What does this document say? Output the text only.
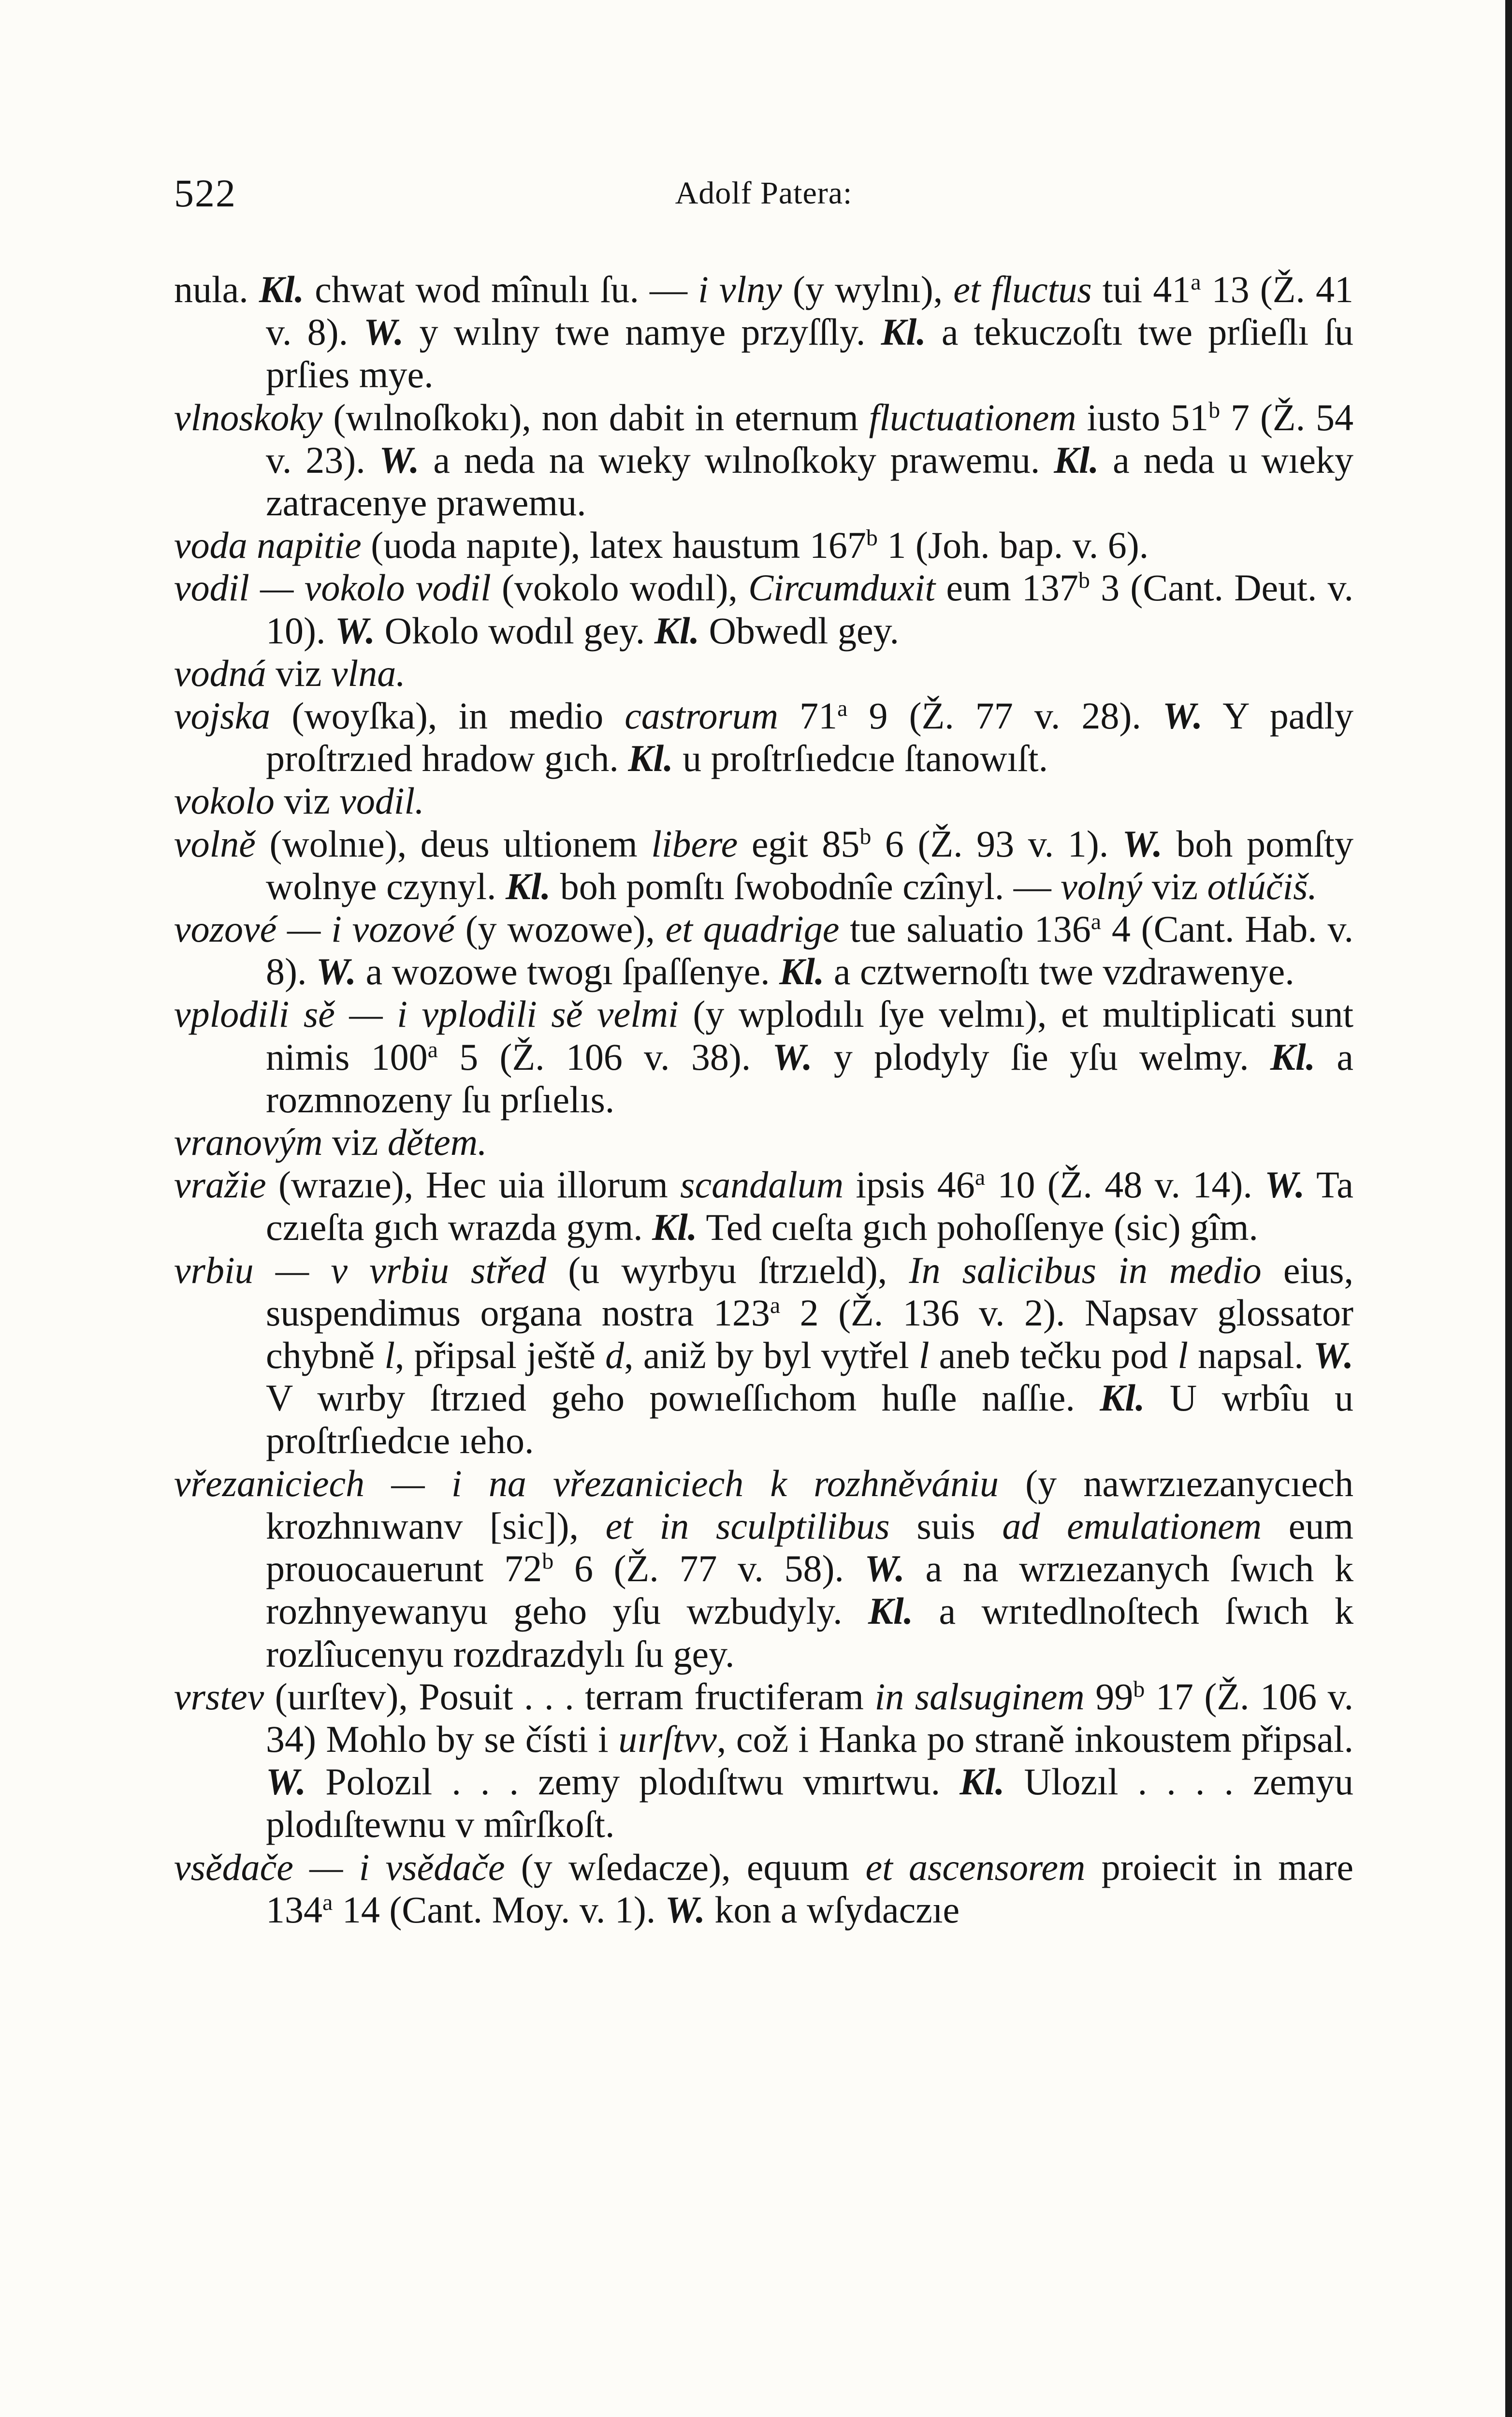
522	Adolf Patera:

nula. Kl. chwat wod mînulı ſu. — i vlny (y wylnı), et fluctus tui 41$^a$ 13 (Ž. 41 v. 8). W. y wılny twe namye przyſſly. Kl. a tekuczoſtı twe prſieſlı ſu prſies mye.

vlnoskoky (wılnoſkokı), non dabit in eternum fluctuationem iusto 51$^b$ 7 (Ž. 54 v. 23). W. a neda na wıeky wılnoſkoky prawemu. Kl. a neda u wıeky zatracenye prawemu.

voda napitie (uoda napıte), latex haustum 167$^b$ 1 (Joh. bap. v. 6).

vodil — vokolo vodil (vokolo wodıl), Circumduxit eum 137$^b$ 3 (Cant. Deut. v. 10). W. Okolo wodıl gey. Kl. Obwedl gey.

vodná viz vlna.

vojska (woyſka), in medio castrorum 71$^a$ 9 (Ž. 77 v. 28). W. Y padly proſtrzıed hradow gıch. Kl. u proſtrſıedcıe ſtanowıſt.

vokolo viz vodil.

volně (wolnıe), deus ultionem libere egit 85$^b$ 6 (Ž. 93 v. 1). W. boh pomſty wolnye czynyl. Kl. boh pomſtı ſwobodnîe czînyl. — volný viz otlúčiš.

vozové — i vozové (y wozowe), et quadrige tue saluatio 136$^a$ 4 (Cant. Hab. v. 8). W. a wozowe twogı ſpaſſenye. Kl. a cztwernoſtı twe vzdrawenye.

vplodili sě — i vplodili sě velmi (y wplodılı ſye velmı), et multiplicati sunt nimis 100$^a$ 5 (Ž. 106 v. 38). W. y plodyly ſie yſu welmy. Kl. a rozmnozeny ſu prſıelıs.

vranovým viz dětem.

vražie (wrazıe), Hec uia illorum scandalum ipsis 46$^a$ 10 (Ž. 48 v. 14). W. Ta czıeſta gıch wrazda gym. Kl. Ted cıeſta gıch pohoſſenye (sic) gîm.

vrbiu — v vrbiu střed (u wyrbyu ſtrzıeld), In salicibus in medio eius, suspendimus organa nostra 123$^a$ 2 (Ž. 136 v. 2). Napsav glossator chybně l, připsal ještě d, aniž by byl vytřel l aneb tečku pod l napsal. W. V wırby ſtrzıed geho powıeſſıchom huſle naſſıe. Kl. U wrbîu u proſtrſıedcıe ıeho.

vřezaniciech — i na vřezaniciech k rozhněvániu (y nawrzıezanycıech krozhnıwanv [sic]), et in sculptilibus suis ad emulationem eum prouocauerunt 72$^b$ 6 (Ž. 77 v. 58). W. a na wrzıezanych ſwıch k rozhnyewanyu geho yſu wzbudyly. Kl. a wrıtedlnoſtech ſwıch k rozlîucenyu rozdrazdylı ſu gey.

vrstev (uırſtev), Posuit . . . terram fructiferam in salsuginem 99$^b$ 17 (Ž. 106 v. 34) Mohlo by se čísti i uırſtvv, což i Hanka po straně inkoustem připsal. W. Polozıl . . . zemy plodıſtwu vmırtwu. Kl. Ulozıl . . . . zemyu plodıſtewnu v mîrſkoſt.

vsědače — i vsědače (y wſedacze), equum et ascensorem proiecit in mare 134$^a$ 14 (Cant. Moy. v. 1). W. kon a wſydaczıe
